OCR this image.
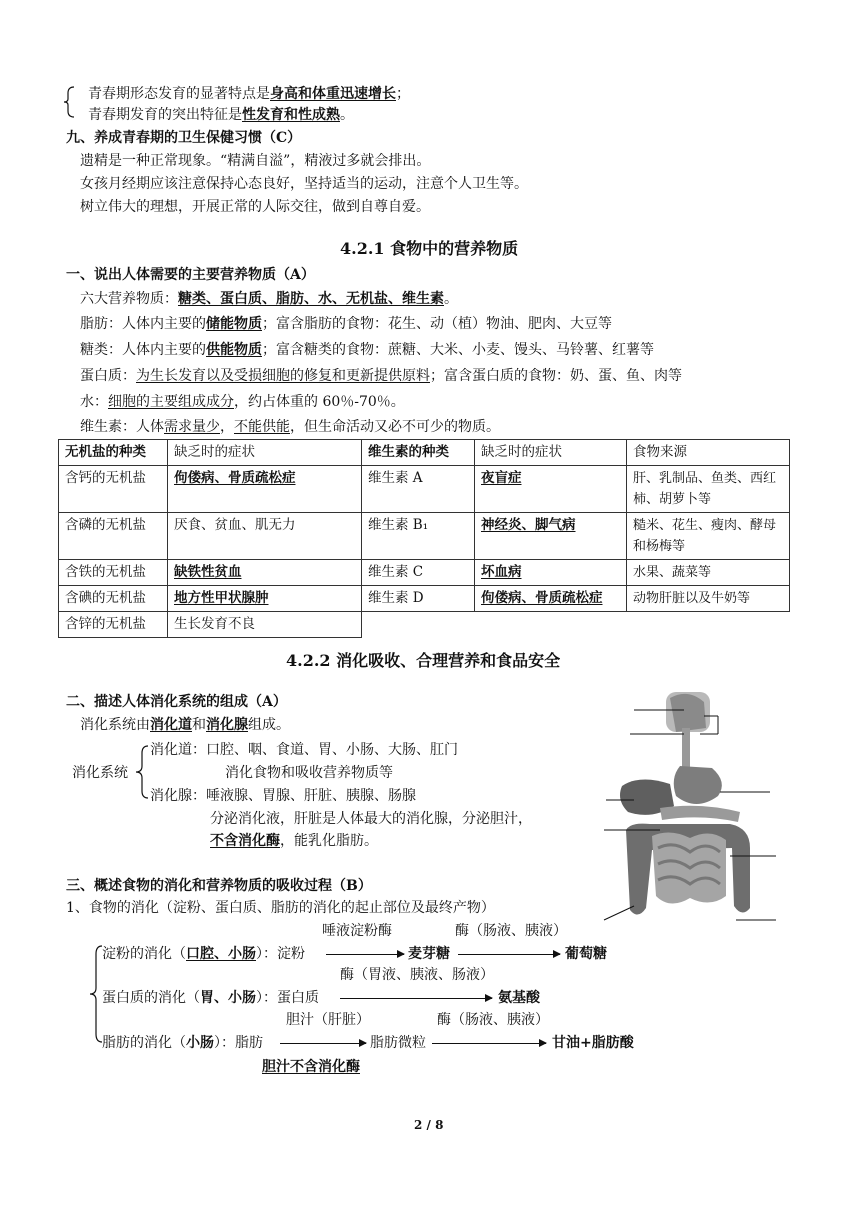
青春期形态发育的显著特点是身高和体重迅速增长；
青春期发育的突出特征是性发育和性成熟。
九、养成青春期的卫生保健习惯（C）
遗精是一种正常现象。“精满自溢”，精液过多就会排出。
女孩月经期应该注意保持心态良好，坚持适当的运动，注意个人卫生等。
树立伟大的理想，开展正常的人际交往，做到自尊自爱。
4.2.1 食物中的营养物质
一、说出人体需要的主要营养物质（A）
六大营养物质：糖类、蛋白质、脂肪、水、无机盐、维生素。
脂肪：人体内主要的储能物质；富含脂肪的食物：花生、动（植）物油、肥肉、大豆等
糖类：人体内主要的供能物质；富含糖类的食物：蔗糖、大米、小麦、馒头、马铃薯、红薯等
蛋白质：为生长发育以及受损细胞的修复和更新提供原料；富含蛋白质的食物：奶、蛋、鱼、肉等
水：细胞的主要组成成分，约占体重的 60％-70％。
维生素：人体需求量少，不能供能，但生命活动又必不可少的物质。
无机盐的种类	缺乏时的症状	维生素的种类	缺乏时的症状	食物来源
含钙的无机盐	佝偻病、骨质疏松症	维生素 A	夜盲症	肝、乳制品、鱼类、西红柿、胡萝卜等
含磷的无机盐	厌食、贫血、肌无力	维生素 B₁	神经炎、脚气病	糙米、花生、瘦肉、酵母和杨梅等
含铁的无机盐	缺铁性贫血	维生素 C	坏血病	水果、蔬菜等
含碘的无机盐	地方性甲状腺肿	维生素 D	佝偻病、骨质疏松症	动物肝脏以及牛奶等
含锌的无机盐	生长发育不良			
4.2.2 消化吸收、合理营养和食品安全
二、描述人体消化系统的组成（A）
消化系统由消化道和消化腺组成。
消化系统
消化道：口腔、咽、食道、胃、小肠、大肠、肛门
消化食物和吸收营养物质等
消化腺：唾液腺、胃腺、肝脏、胰腺、肠腺
分泌消化液，肝脏是人体最大的消化腺，分泌胆汁，
不含消化酶，能乳化脂肪。
三、概述食物的消化和营养物质的吸收过程（B）
1、食物的消化（淀粉、蛋白质、脂肪的消化的起止部位及最终产物）
唾液淀粉酶	酶（肠液、胰液）
淀粉的消化（口腔、小肠）：淀粉	麦芽糖	葡萄糖
酶（胃液、胰液、肠液）
蛋白质的消化（胃、小肠）：蛋白质	氨基酸
胆汁（肝脏）	酶（肠液、胰液）
脂肪的消化（小肠）：脂肪	脂肪微粒	甘油+脂肪酸
胆汁不含消化酶
2 / 8
